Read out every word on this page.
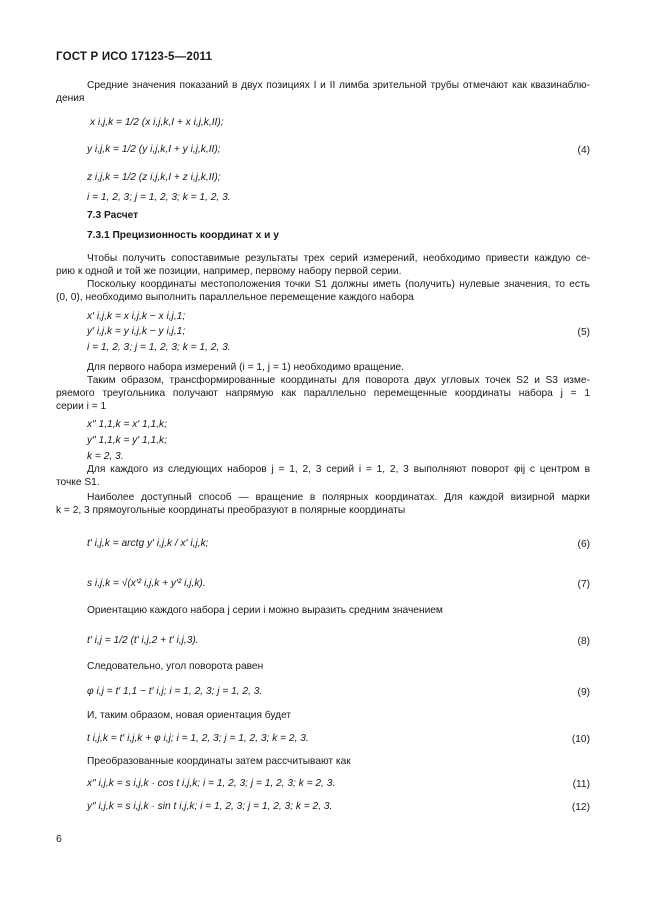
ГОСТ Р ИСО 17123-5—2011
Средние значения показаний в двух позициях I и II лимба зрительной трубы отмечают как квазинаблю-
дения
x i,j,k = 1/2 (x i,j,k,I + x i,j,k,II);
y i,j,k = 1/2 (y i,j,k,I + y i,j,k,II);	(4)
z i,j,k = 1/2 (z i,j,k,I + z i,j,k,II);
i = 1, 2, 3; j = 1, 2, 3; k = 1, 2, 3.
7.3 Расчет
7.3.1 Прецизионность координат x и y
Чтобы получить сопоставимые результаты трех серий измерений, необходимо привести каждую се-
рию к одной и той же позиции, например, первому набору первой серии.
Поскольку координаты местоположения точки S1 должны иметь (получить) нулевые значения, то есть
(0, 0), необходимо выполнить параллельное перемещение каждого набора
x′ i,j,k = x i,j,k − x i,j,1;
y′ i,j,k = y i,j,k − y i,j,1;	(5)
i = 1, 2, 3; j = 1, 2, 3; k = 1, 2, 3.
Для первого набора измерений (i = 1, j = 1) необходимо вращение.
Таким образом, трансформированные координаты для поворота двух угловых точек S2 и S3 изме-
ряемого треугольника получают напрямую как параллельно перемещенные координаты набора j = 1
серии i = 1
x″ 1,1,k = x′ 1,1,k;
y″ 1,1,k = y′ 1,1,k;
k = 2, 3.
Для каждого из следующих наборов j = 1, 2, 3 серий i = 1, 2, 3 выполняют поворот φij с центром в
точке S1.
Наиболее доступный способ — вращение в полярных координатах. Для каждой визирной марки
k = 2, 3 прямоугольные координаты преобразуют в полярные координаты
t′ i,j,k = arctg y′ i,j,k / x′ i,j,k;	(6)
s i,j,k = √(x′² i,j,k + y′² i,j,k).	(7)
Ориентацию каждого набора j серии i можно выразить средним значением
t′ i,j = 1/2 (t′ i,j,2 + t′ i,j,3).	(8)
Следовательно, угол поворота равен
φ i,j = t′ 1,1 − t′ i,j; i = 1, 2, 3; j = 1, 2, 3.	(9)
И, таким образом, новая ориентация будет
t i,j,k = t′ i,j,k + φ i,j; i = 1, 2, 3; j = 1, 2, 3; k = 2, 3.	(10)
Преобразованные координаты затем рассчитывают как
x″ i,j,k = s i,j,k · cos t i,j,k; i = 1, 2, 3; j = 1, 2, 3; k = 2, 3.	(11)
y″ i,j,k = s i,j,k · sin t i,j,k; i = 1, 2, 3; j = 1, 2, 3; k = 2, 3.	(12)
6
